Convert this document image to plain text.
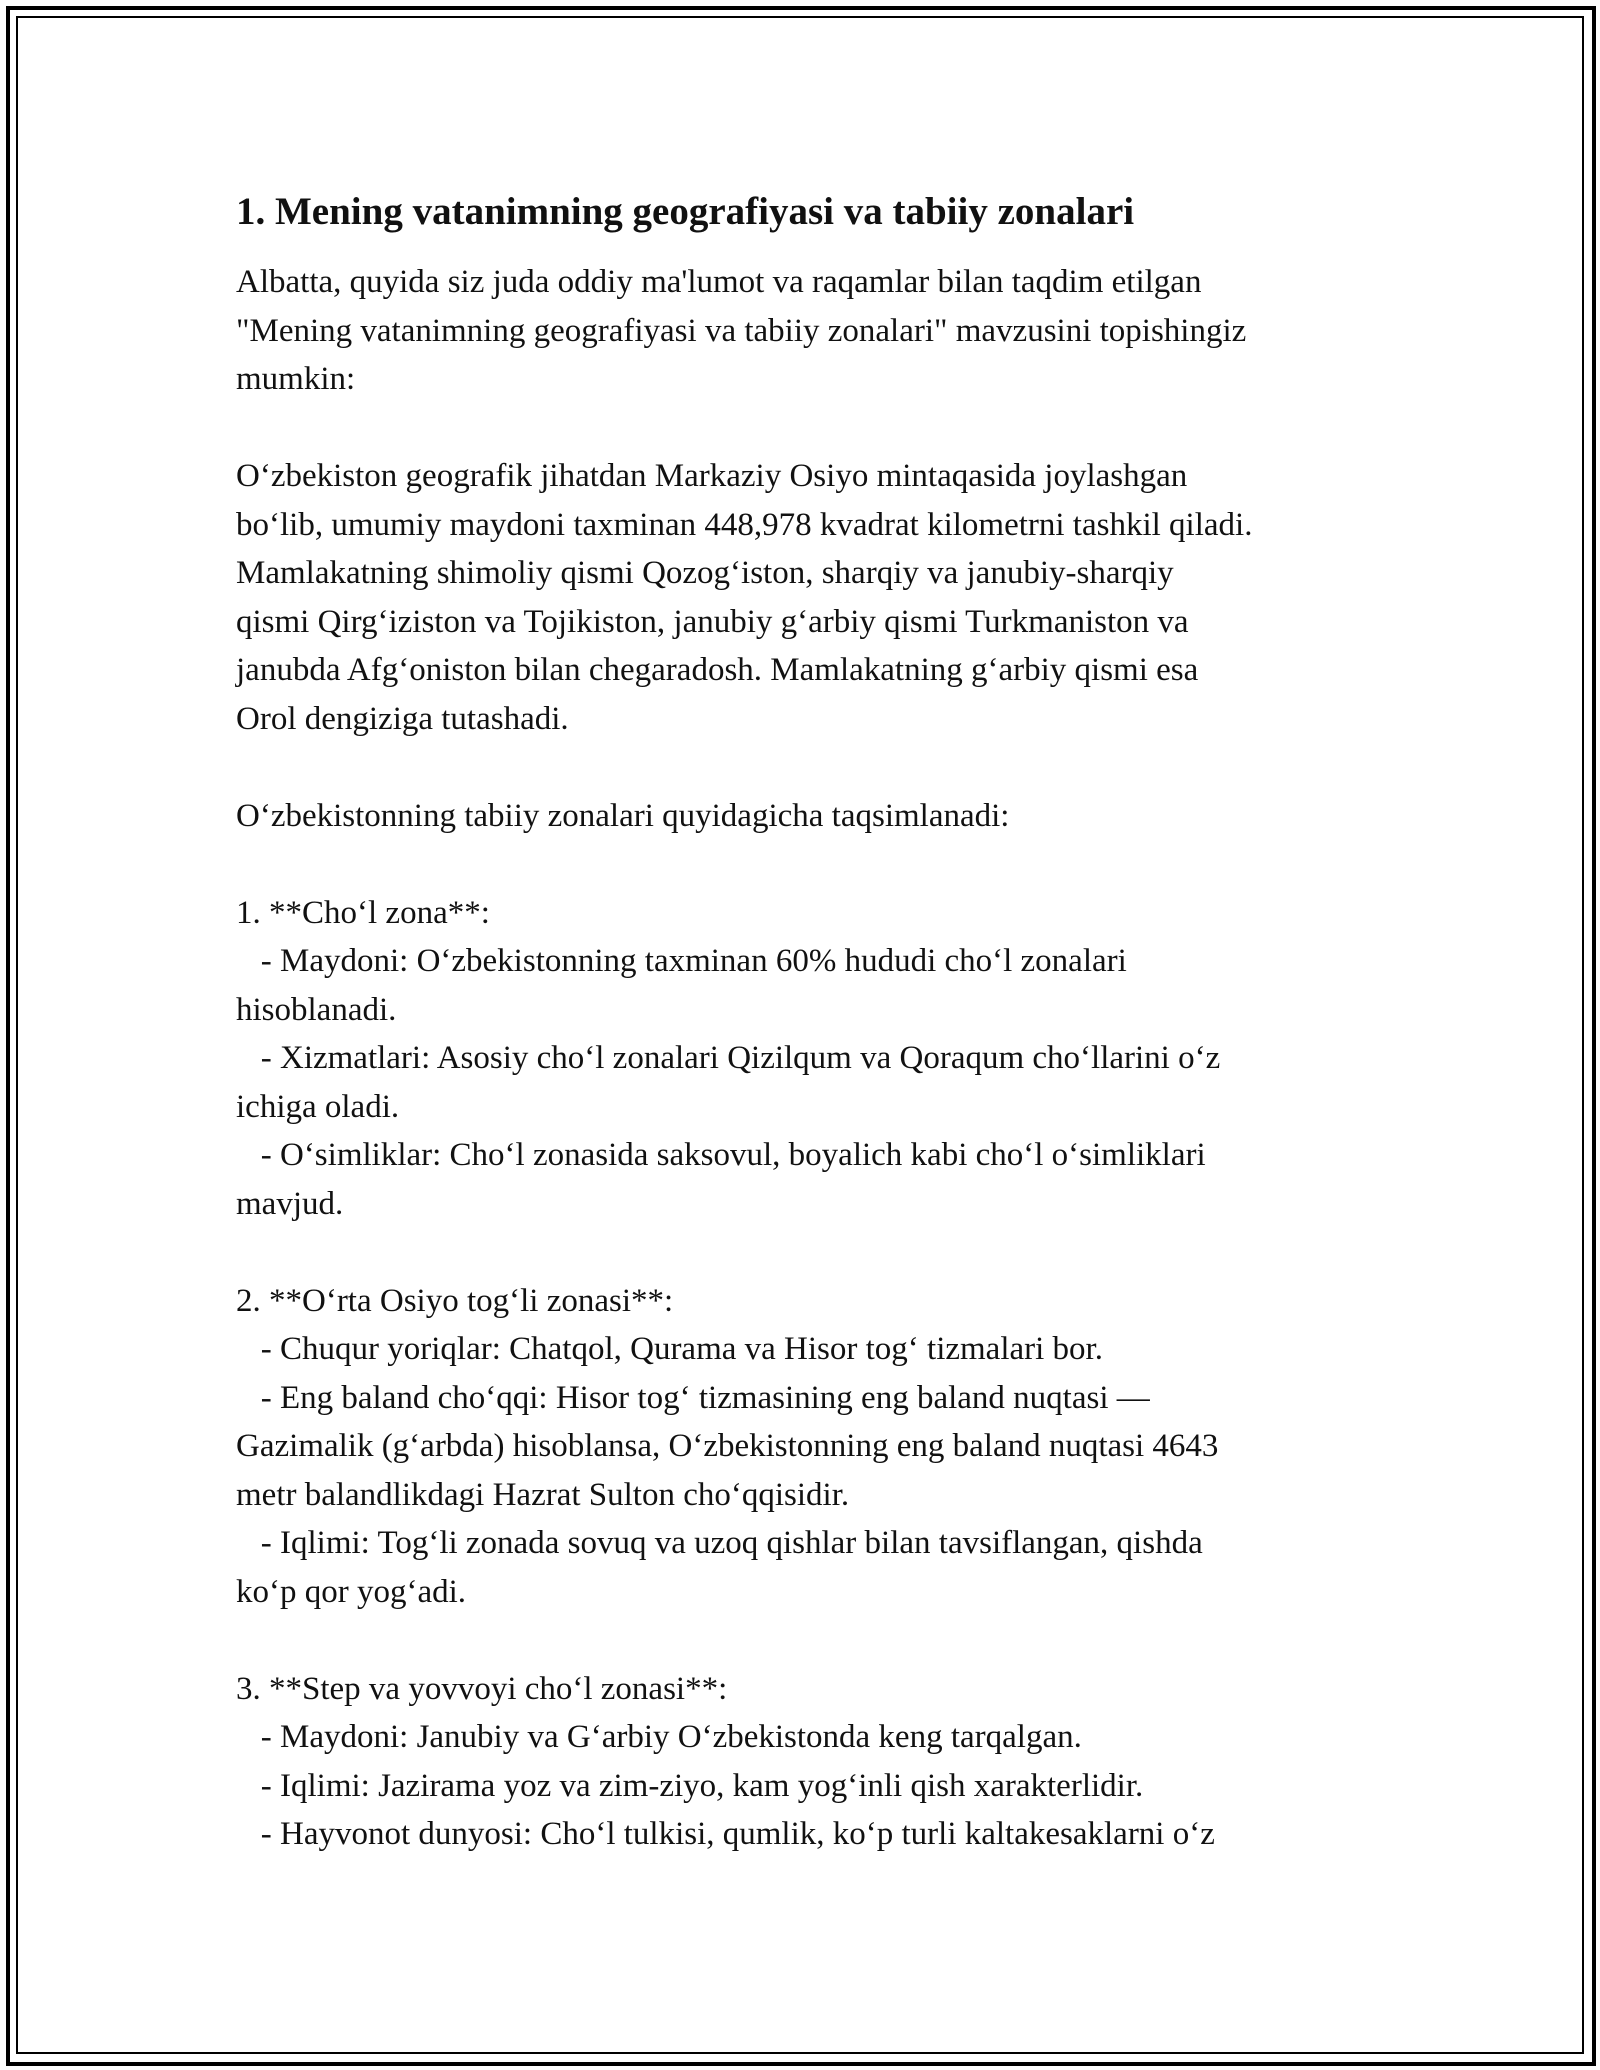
1. Mening vatanimning geografiyasi va tabiiy zonalari

Albatta, quyida siz juda oddiy ma'lumot va raqamlar bilan taqdim etilgan
"Mening vatanimning geografiyasi va tabiiy zonalari" mavzusini topishingiz
mumkin:

O‘zbekiston geografik jihatdan Markaziy Osiyo mintaqasida joylashgan
bo‘lib, umumiy maydoni taxminan 448,978 kvadrat kilometrni tashkil qiladi.
Mamlakatning shimoliy qismi Qozog‘iston, sharqiy va janubiy-sharqiy
qismi Qirg‘iziston va Tojikiston, janubiy g‘arbiy qismi Turkmaniston va
janubda Afg‘oniston bilan chegaradosh. Mamlakatning g‘arbiy qismi esa
Orol dengiziga tutashadi.

O‘zbekistonning tabiiy zonalari quyidagicha taqsimlanadi:

1. **Cho‘l zona**:
- Maydoni: O‘zbekistonning taxminan 60% hududi cho‘l zonalari
hisoblanadi.
- Xizmatlari: Asosiy cho‘l zonalari Qizilqum va Qoraqum cho‘llarini o‘z
ichiga oladi.
- O‘simliklar: Cho‘l zonasida saksovul, boyalich kabi cho‘l o‘simliklari
mavjud.

2. **O‘rta Osiyo tog‘li zonasi**:
- Chuqur yoriqlar: Chatqol, Qurama va Hisor tog‘ tizmalari bor.
- Eng baland cho‘qqi: Hisor tog‘ tizmasining eng baland nuqtasi —
Gazimalik (g‘arbda) hisoblansa, O‘zbekistonning eng baland nuqtasi 4643
metr balandlikdagi Hazrat Sulton cho‘qqisidir.
- Iqlimi: Tog‘li zonada sovuq va uzoq qishlar bilan tavsiflangan, qishda
ko‘p qor yog‘adi.

3. **Step va yovvoyi cho‘l zonasi**:
- Maydoni: Janubiy va G‘arbiy O‘zbekistonda keng tarqalgan.
- Iqlimi: Jazirama yoz va zim-ziyo, kam yog‘inli qish xarakterlidir.
- Hayvonot dunyosi: Cho‘l tulkisi, qumlik, ko‘p turli kaltakesaklarni o‘z
